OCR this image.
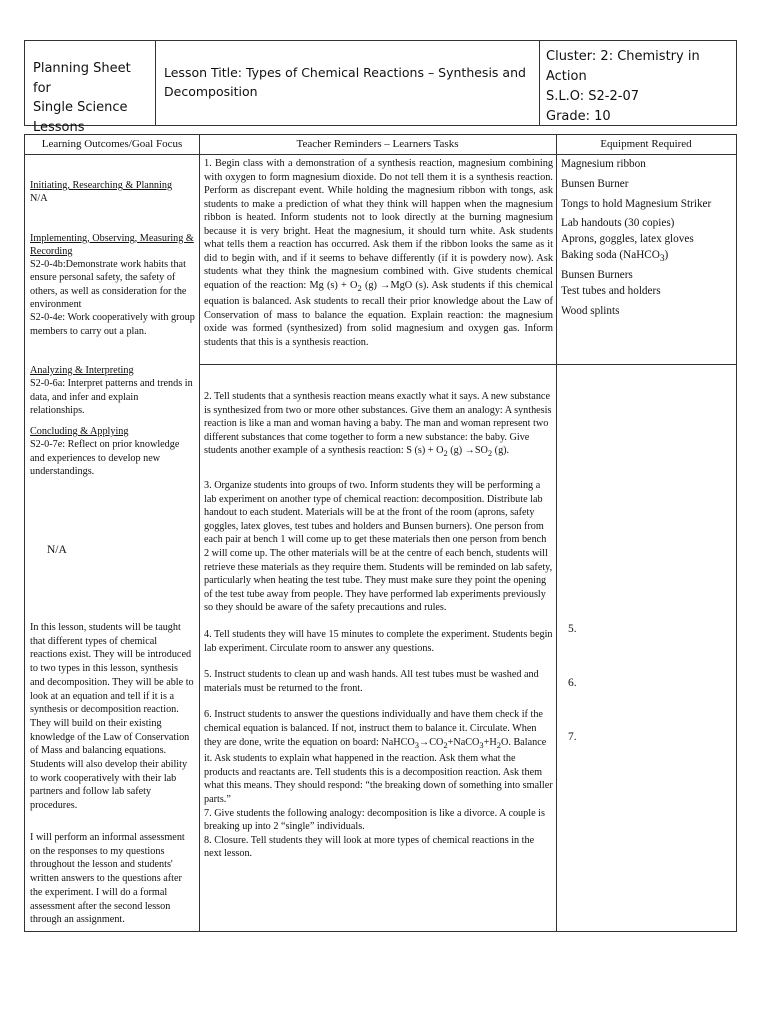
Planning Sheet for
Single Science Lessons
Lesson Title: Types of Chemical Reactions – Synthesis and Decomposition
Cluster: 2: Chemistry in Action
S.L.O: S2-2-07
Grade: 10
Learning Outcomes/Goal Focus	Teacher Reminders – Learners Tasks	Equipment Required

Initiating, Researching & Planning

N/A

Implementing, Observing, Measuring & Recording

S2-0-4b:Demonstrate work habits that ensure personal safety, the safety of others, as well as consideration for the environment

S2-0-4e: Work cooperatively with group members to carry out a plan.

Analyzing & Interpreting

S2-0-6a: Interpret patterns and trends in data, and infer and explain relationships.

Concluding & Applying

S2-0-7e: Reflect on prior knowledge and experiences to develop new understandings.

N/A
In this lesson, students will be taught that different types of chemical reactions exist. They will be introduced to two types in this lesson, synthesis and decomposition. They will be able to look at an equation and tell if it is a synthesis or decomposition reaction. They will build on their existing knowledge of the Law of Conservation of Mass and balancing equations. Students will also develop their ability to work cooperatively with their lab partners and follow lab safety procedures.
I will perform an informal assessment on the responses to my questions throughout the lesson and students' written answers to the questions after the experiment. I will do a formal assessment after the second lesson through an assignment.
1. Begin class with a demonstration of a synthesis reaction, magnesium combining with oxygen to form magnesium dioxide. Do not tell them it is a synthesis reaction. Perform as discrepant event. While holding the magnesium ribbon with tongs, ask students to make a prediction of what they think will happen when the magnesium ribbon is heated. Inform students not to look directly at the burning magnesium because it is very bright. Heat the magnesium, it should turn white. Ask students what tells them a reaction has occurred. Ask them if the ribbon looks the same as it did to begin with, and if it seems to behave differently (if it is powdery now). Ask students what they think the magnesium combined with. Give students chemical equation of the reaction: Mg $(s) + O_2$ (g) →MgO (s). Ask students if this chemical equation is balanced. Ask students to recall their prior knowledge about the Law of Conservation of mass to balance the equation. Explain reaction: the magnesium oxide was formed (synthesized) from solid magnesium and oxygen gas. Inform students that this is a synthesis reaction.

2. Tell students that a synthesis reaction means exactly what it says. A new substance is synthesized from two or more other substances. Give them an analogy: A synthesis reaction is like a man and woman having a baby. The man and woman represent two different substances that come together to form a new substance: the baby. Give students another example of a synthesis reaction: S $(s) + O_2$ $(g) \to SO_2$ (g).

3. Organize students into groups of two. Inform students they will be performing a lab experiment on another type of chemical reaction: decomposition. Distribute lab handout to each student. Materials will be at the front of the room (aprons, safety goggles, latex gloves, test tubes and holders and Bunsen burners). One person from each pair at bench 1 will come up to get these materials then one person from bench 2 will come up. The other materials will be at the centre of each bench, students will retrieve these materials as they require them. Students will be reminded on lab safety, particularly when heating the test tube. They must make sure they point the opening of the test tube away from people. They have performed lab experiments previously so they should be aware of the safety precautions and rules.

4. Tell students they will have 15 minutes to complete the experiment. Students begin lab experiment. Circulate room to answer any questions.

5. Instruct students to clean up and wash hands. All test tubes must be washed and materials must be returned to the front.

6. Instruct students to answer the questions individually and have them check if the chemical equation is balanced. If not, instruct them to balance it. Circulate. When they are done, write the equation on board: $NaHCO_3\to CO_2+NaCO_3+H_2O$. Balance it. Ask students to explain what happened in the reaction. Ask them what the products and reactants are. Tell students this is a decomposition reaction. Ask them what this means. They should respond: “the breaking down of something into smaller parts.”

7. Give students the following analogy: decomposition is like a divorce. A couple is breaking up into 2 “single” individuals.

8. Closure. Tell students they will look at more types of chemical reactions in the next lesson.

Magnesium ribbon

Bunsen Burner

Tongs to hold Magnesium Striker

Lab handouts (30 copies)

Aprons, goggles, latex gloves

Baking soda (NaHCO$_3$)

Bunsen Burners

Test tubes and holders

Wood splints

5.
6.
7.
